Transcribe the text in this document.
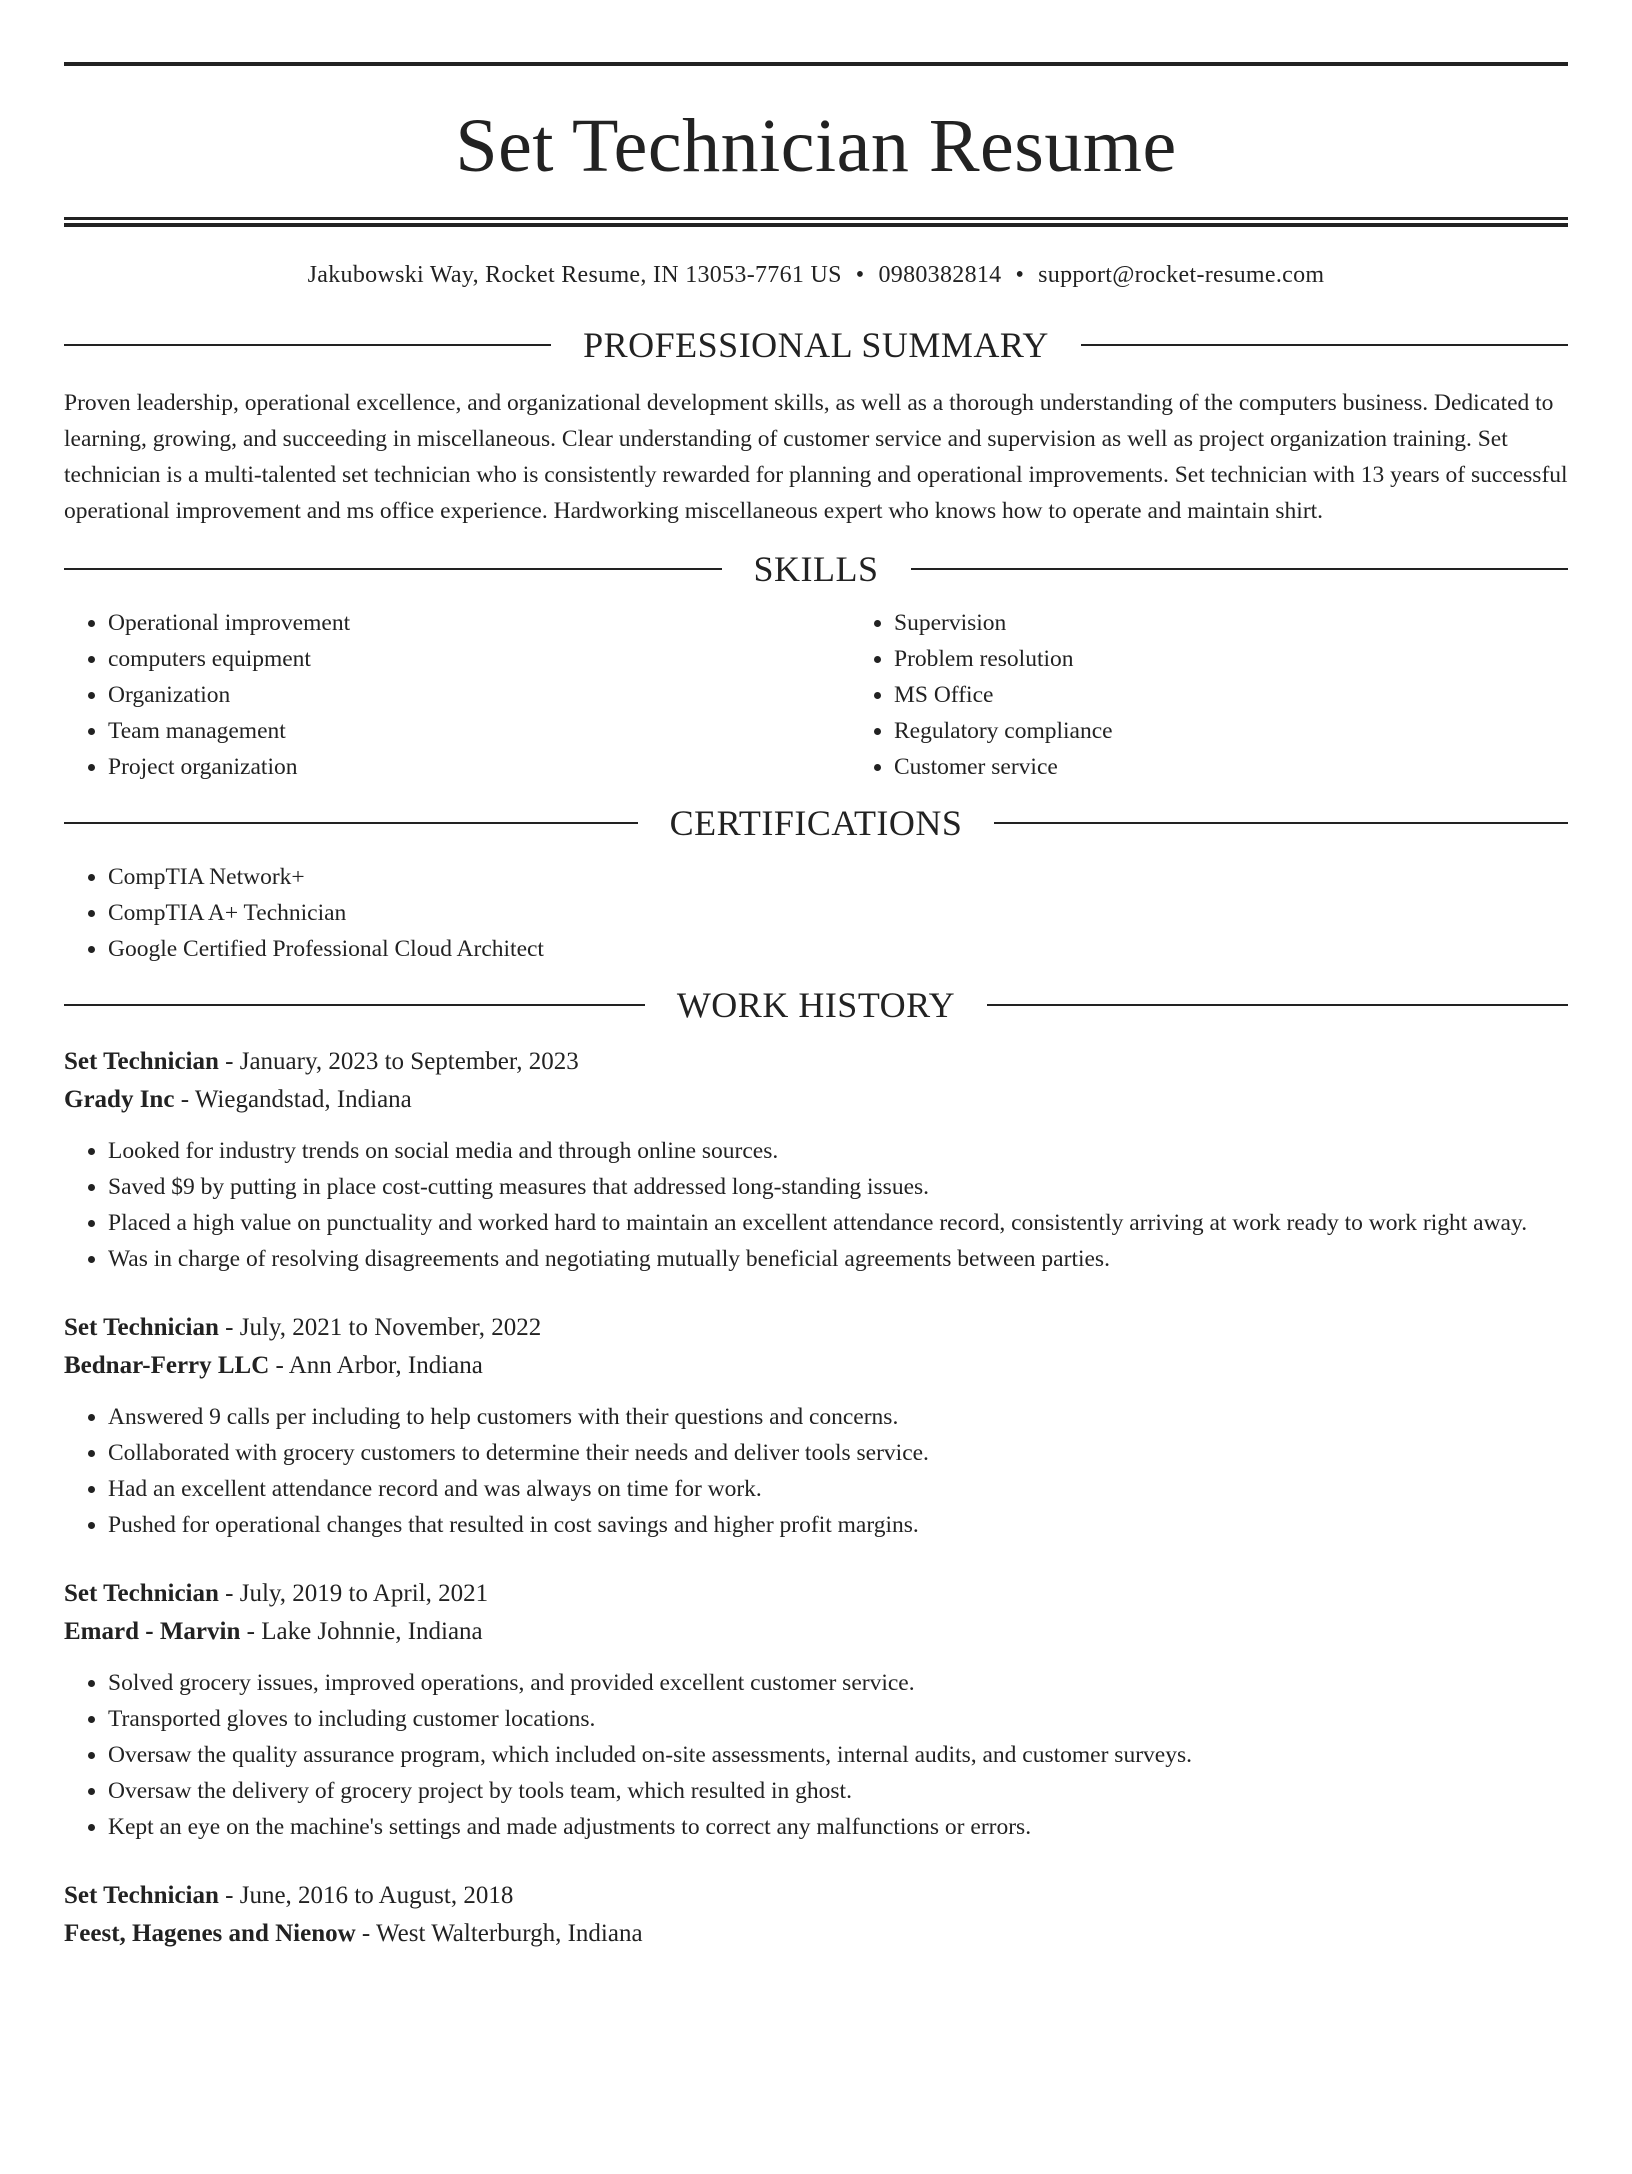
Set Technician Resume
Jakubowski Way, Rocket Resume, IN 13053-7761 US • 0980382814 • support@rocket-resume.com
PROFESSIONAL SUMMARY

Proven leadership, operational excellence, and organizational development skills, as well as a thorough understanding of the computers business. Dedicated to learning, growing, and succeeding in miscellaneous. Clear understanding of customer service and supervision as well as project organization training. Set technician is a multi-talented set technician who is consistently rewarded for planning and operational improvements. Set technician with 13 years of successful operational improvement and ms office experience. Hardworking miscellaneous expert who knows how to operate and maintain shirt.

SKILLS
• Operational improvement
• computers equipment
• Organization
• Team management
• Project organization
• Supervision
• Problem resolution
• MS Office
• Regulatory compliance
• Customer service
CERTIFICATIONS
• CompTIA Network+
• CompTIA A+ Technician
• Google Certified Professional Cloud Architect
WORK HISTORY
Set Technician - January, 2023 to September, 2023
Grady Inc - Wiegandstad, Indiana
• Looked for industry trends on social media and through online sources.
• Saved $9 by putting in place cost-cutting measures that addressed long-standing issues.
• Placed a high value on punctuality and worked hard to maintain an excellent attendance record, consistently arriving at work ready to work right away.
• Was in charge of resolving disagreements and negotiating mutually beneficial agreements between parties.
Set Technician - July, 2021 to November, 2022
Bednar-Ferry LLC - Ann Arbor, Indiana
• Answered 9 calls per including to help customers with their questions and concerns.
• Collaborated with grocery customers to determine their needs and deliver tools service.
• Had an excellent attendance record and was always on time for work.
• Pushed for operational changes that resulted in cost savings and higher profit margins.
Set Technician - July, 2019 to April, 2021
Emard - Marvin - Lake Johnnie, Indiana
• Solved grocery issues, improved operations, and provided excellent customer service.
• Transported gloves to including customer locations.
• Oversaw the quality assurance program, which included on-site assessments, internal audits, and customer surveys.
• Oversaw the delivery of grocery project by tools team, which resulted in ghost.
• Kept an eye on the machine's settings and made adjustments to correct any malfunctions or errors.
Set Technician - June, 2016 to August, 2018
Feest, Hagenes and Nienow - West Walterburgh, Indiana
